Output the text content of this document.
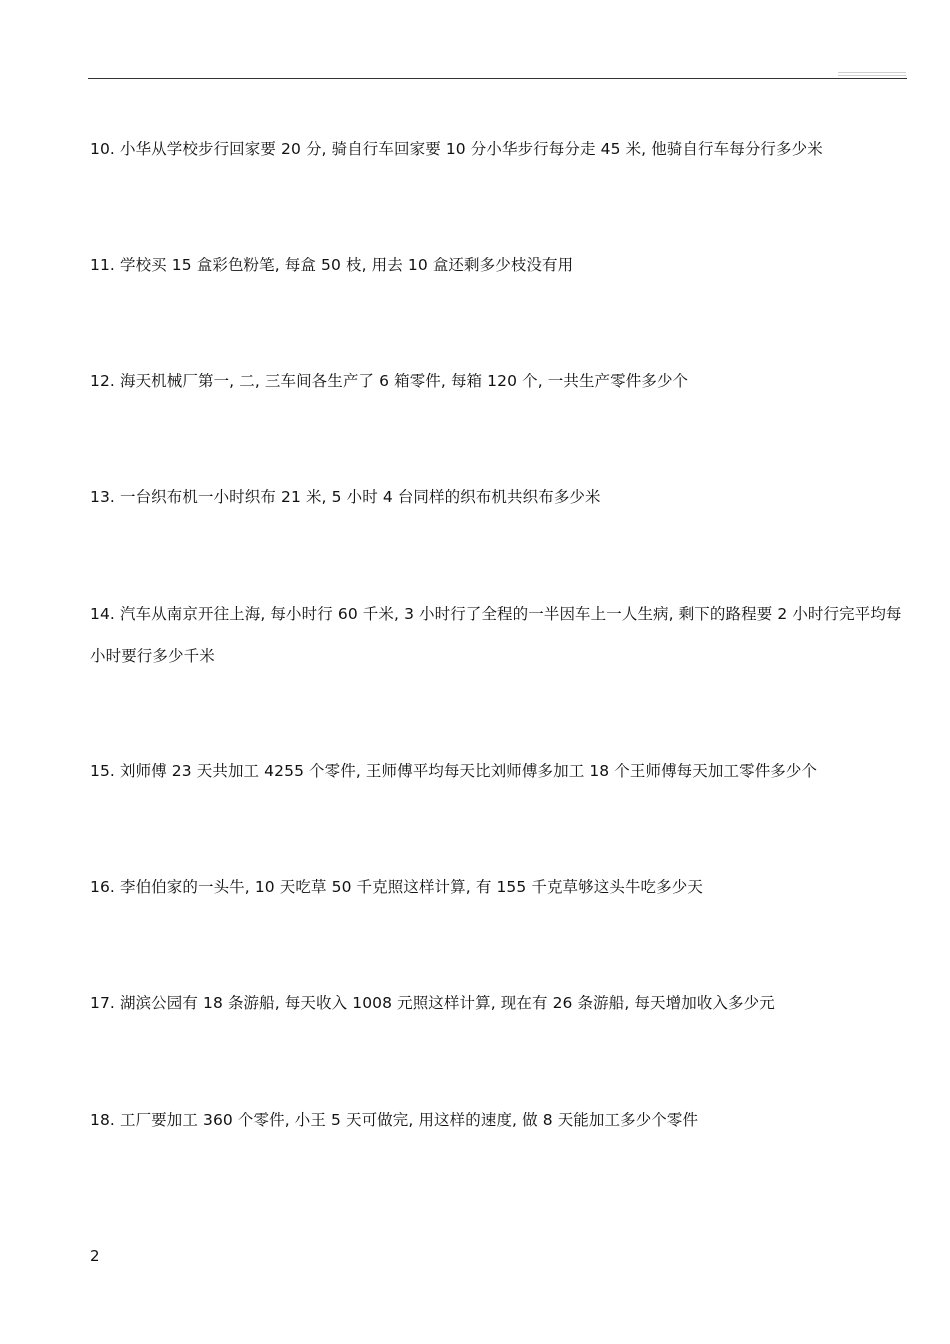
10. 小华从学校步行回家要 20 分, 骑自行车回家要 10 分小华步行每分走 45 米, 他骑自行车每分行多少米
11. 学校买 15 盒彩色粉笔, 每盒 50 枝, 用去 10 盒还剩多少枝没有用
12. 海天机械厂第一, 二, 三车间各生产了 6 箱零件, 每箱 120 个, 一共生产零件多少个
13. 一台织布机一小时织布 21 米, 5 小时 4 台同样的织布机共织布多少米
14. 汽车从南京开往上海, 每小时行 60 千米, 3 小时行了全程的一半因车上一人生病, 剩下的路程要 2 小时行完平均每小时要行多少千米
15. 刘师傅 23 天共加工 4255 个零件, 王师傅平均每天比刘师傅多加工 18 个王师傅每天加工零件多少个
16. 李伯伯家的一头牛, 10 天吃草 50 千克照这样计算, 有 155 千克草够这头牛吃多少天
17. 湖滨公园有 18 条游船, 每天收入 1008 元照这样计算, 现在有 26 条游船, 每天增加收入多少元
18. 工厂要加工 360 个零件, 小王 5 天可做完, 用这样的速度, 做 8 天能加工多少个零件
2
